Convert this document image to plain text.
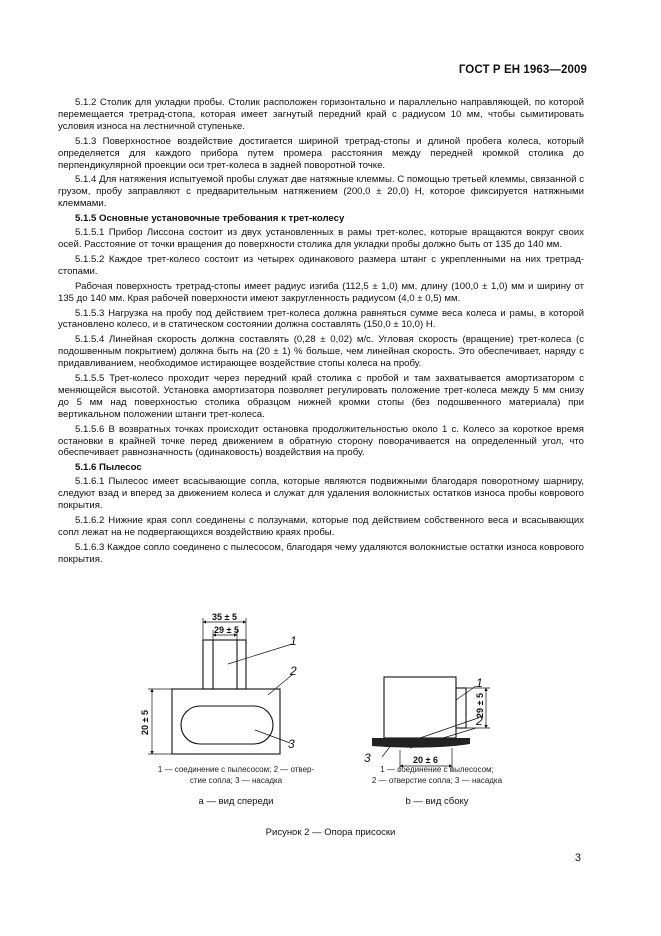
ГОСТ Р ЕН 1963—2009

5.1.2 Столик для укладки пробы. Столик расположен горизонтально и параллельно направляющей, по которой перемещается третрад-стопа, которая имеет загнутый передний край с радиусом 10 мм, чтобы сымитировать условия износа на лестничной ступеньке.

5.1.3 Поверхностное воздействие достигается шириной третрад-стопы и длиной пробега колеса, который определяется для каждого прибора путем промера расстояния между передней кромкой столика до перпендикулярной проекции оси трет-колеса в задней поворотной точке.

5.1.4 Для натяжения испытуемой пробы служат две натяжные клеммы. С помощью третьей клеммы, связанной с грузом, пробу заправляют с предварительным натяжением (200,0 ± 20,0) Н, которое фиксируется натяжными клеммами.

5.1.5 Основные установочные требования к трет-колесу

5.1.5.1 Прибор Лиссона состоит из двух установленных в рамы трет-колес, которые вращаются вокруг своих осей. Расстояние от точки вращения до поверхности столика для укладки пробы должно быть от 135 до 140 мм.

5.1.5.2 Каждое трет-колесо состоит из четырех одинакового размера штанг с укрепленными на них третрад-стопами.

Рабочая поверхность третрад-стопы имеет радиус изгиба (112,5 ± 1,0) мм, длину (100,0 ± 1,0) мм и ширину от 135 до 140 мм. Края рабочей поверхности имеют закругленность радиусом (4,0 ± 0,5) мм.

5.1.5.3 Нагрузка на пробу под действием трет-колеса должна равняться сумме веса колеса и рамы, в которой установлено колесо, и в статическом состоянии должна составлять (150,0 ± 10,0) Н.

5.1.5.4 Линейная скорость должна составлять (0,28 ± 0,02) м/с. Угловая скорость (вращение) трет-колеса (с подошвенным покрытием) должна быть на (20 ± 1) % больше, чем линейная скорость. Это обеспечивает, наряду с придавливанием, необходимое истирающее воздействие стопы колеса на пробу.

5.1.5.5 Трет-колесо проходит через передний край столика с пробой и там захватывается амортизатором с меняющейся высотой. Установка амортизатора позволяет регулировать положение трет-колеса между 5 мм снизу до 5 мм над поверхностью столика образцом нижней кромки стопы (без подошвенного материала) при вертикальном положении штанги трет-колеса.

5.1.5.6 В возвратных точках происходит остановка продолжительностью около 1 с. Колесо за короткое время остановки в крайней точке перед движением в обратную сторону поворачивается на определенный угол, что обеспечивает равнозначность (одинаковость) воздействия на пробу.

5.1.6 Пылесос

5.1.6.1 Пылесос имеет всасывающие сопла, которые являются подвижными благодаря поворотному шарниру, следуют взад и вперед за движением колеса и служат для удаления волокнистых остатков износа пробы коврового покрытия.

5.1.6.2 Нижние края сопл соединены с ползунами, которые под действием собственного веса и всасывающих сопл лежат на не подвергающихся воздействию краях пробы.

5.1.6.3 Каждое сопло соединено с пылесосом, благодаря чему удаляются волокнистые остатки износа коврового покрытия.

35 ± 5
29 ± 5
20 ± 5
1
2
3
29 ± 5
20 ± 6
1
2
3
1 — соединение с пылесосом; 2 — отвер-
стие сопла; 3 — насадка
a — вид спереди
1 — соединение с пылесосом;
2 — отверстие сопла; 3 — насадка
b — вид сбоку
Рисунок 2 — Опора присоски
3
